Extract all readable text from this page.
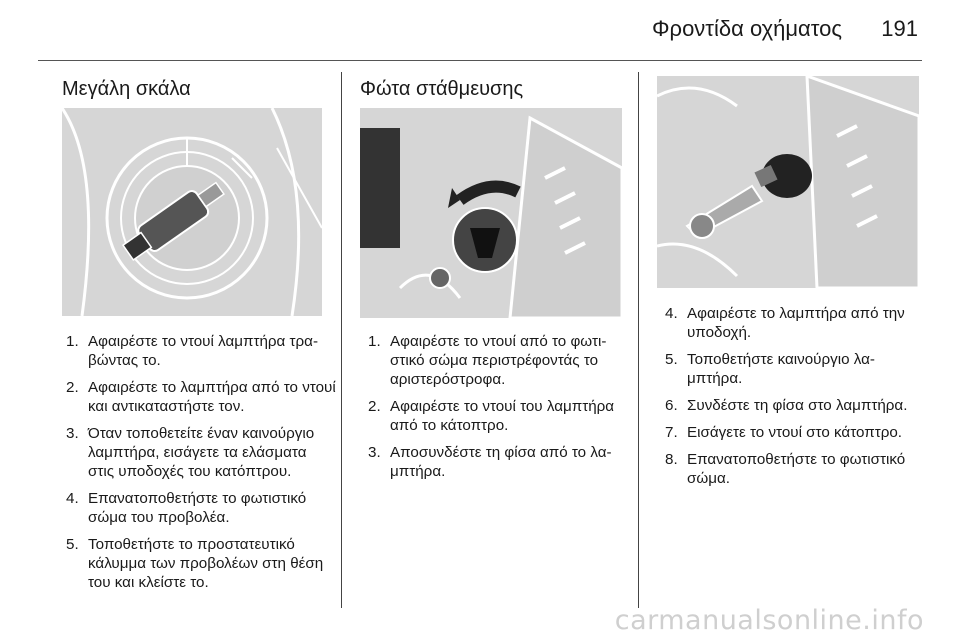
Φροντίδα οχήματος 191
Μεγάλη σκάλα
1. Αφαιρέστε το ντουί λαμπτήρα τρα-βώντας το.
2. Αφαιρέστε το λαμπτήρα από το ντουί και αντικαταστήστε τον.
3. Όταν τοποθετείτε έναν καινούργιο λαμπτήρα, εισάγετε τα ελάσματα στις υποδοχές του κατόπτρου.
4. Επανατοποθετήστε το φωτιστικό σώμα του προβολέα.
5. Τοποθετήστε το προστατευτικό κάλυμμα των προβολέων στη θέση του και κλείστε το.
Φώτα στάθμευσης
1. Αφαιρέστε το ντουί από το φωτι-στικό σώμα περιστρέφοντάς το αριστερόστροφα.
2. Αφαιρέστε το ντουί του λαμπτήρα από το κάτοπτρο.
3. Αποσυνδέστε τη φίσα από το λα-μπτήρα.
4. Αφαιρέστε το λαμπτήρα από την υποδοχή.
5. Τοποθετήστε καινούργιο λα-μπτήρα.
6. Συνδέστε τη φίσα στο λαμπτήρα.
7. Εισάγετε το ντουί στο κάτοπτρο.
8. Επανατοποθετήστε το φωτιστικό σώμα.
carmanualsonline.info
